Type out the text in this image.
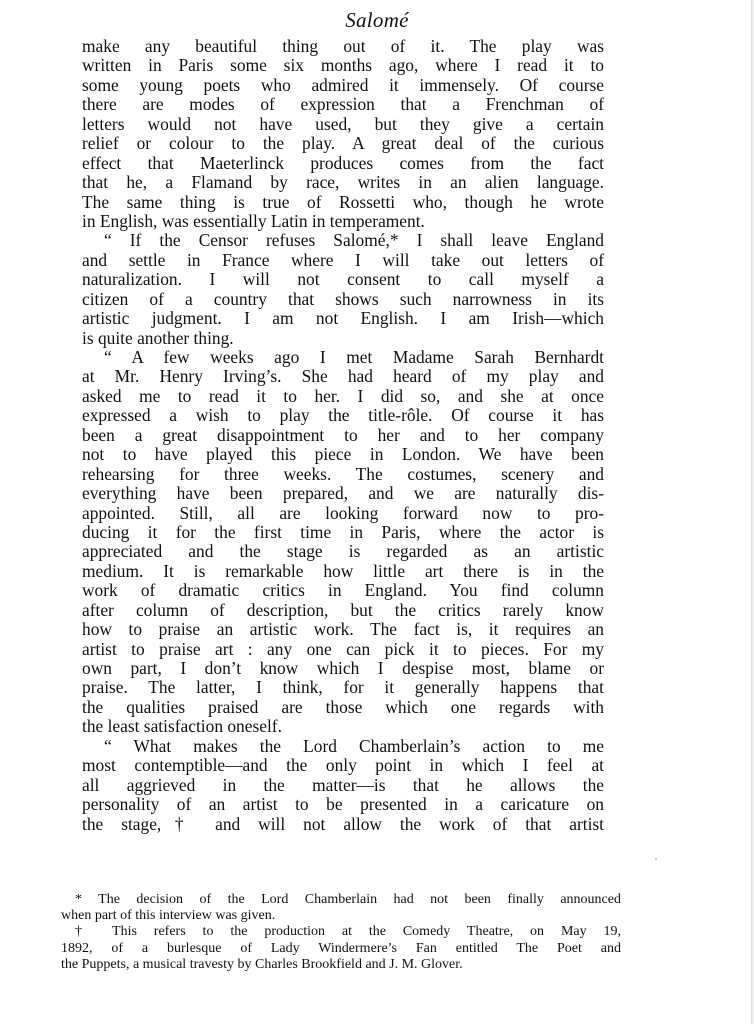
Salomé
make any beautiful thing out of it. The play was
written in Paris some six months ago, where I read it to
some young poets who admired it immensely. Of course
there are modes of expression that a Frenchman of
letters would not have used, but they give a certain
relief or colour to the play. A great deal of the curious
effect that Maeterlinck produces comes from the fact
that he, a Flamand by race, writes in an alien language.
The same thing is true of Rossetti who, though he wrote
in English, was essentially Latin in temperament.
“ If the Censor refuses Salomé,* I shall leave England
and settle in France where I will take out letters of
naturalization. I will not consent to call myself a
citizen of a country that shows such narrowness in its
artistic judgment. I am not English. I am Irish—which
is quite another thing.
“ A few weeks ago I met Madame Sarah Bernhardt
at Mr. Henry Irving’s. She had heard of my play and
asked me to read it to her. I did so, and she at once
expressed a wish to play the title-rôle. Of course it has
been a great disappointment to her and to her company
not to have played this piece in London. We have been
rehearsing for three weeks. The costumes, scenery and
everything have been prepared, and we are naturally dis-
appointed. Still, all are looking forward now to pro-
ducing it for the first time in Paris, where the actor is
appreciated and the stage is regarded as an artistic
medium. It is remarkable how little art there is in the
work of dramatic critics in England. You find column
after column of description, but the critics rarely know
how to praise an artistic work. The fact is, it requires an
artist to praise art : any one can pick it to pieces. For my
own part, I don’t know which I despise most, blame or
praise. The latter, I think, for it generally happens that
the qualities praised are those which one regards with
the least satisfaction oneself.
“ What makes the Lord Chamberlain’s action to me
most contemptible—and the only point in which I feel at
all aggrieved in the matter—is that he allows the
personality of an artist to be presented in a caricature on
the stage,† and will not allow the work of that artist
* The decision of the Lord Chamberlain had not been finally announced
when part of this interview was given.
† This refers to the production at the Comedy Theatre, on May 19,
1892, of a burlesque of Lady Windermere’s Fan entitled The Poet and
the Puppets, a musical travesty by Charles Brookfield and J. M. Glover.
